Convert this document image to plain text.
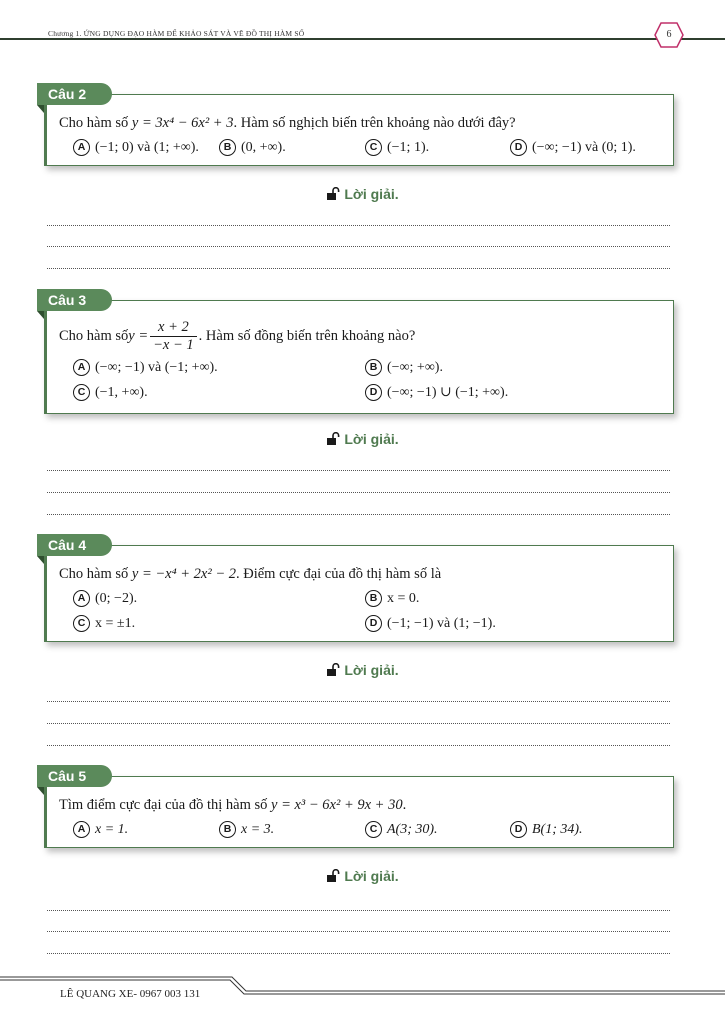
Chương 1. ỨNG DỤNG ĐẠO HÀM ĐỂ KHẢO SÁT VÀ VẼ ĐỒ THỊ HÀM SỐ	6
Cho hàm số y = 3x⁴ − 6x² + 3. Hàm số nghịch biến trên khoảng nào dưới đây?
A (−1; 0) và (1; +∞).	B (0, +∞).	C (−1; 1).	D (−∞; −1) và (0; 1).
Câu 2
Lời giải.
Cho hàm số $y = \frac{x + 2}{-x - 1}$ . Hàm số đồng biến trên khoảng nào?
A (−∞; −1) và (−1; +∞).	B (−∞; +∞).
C (−1, +∞).	D (−∞; −1) ∪ (−1; +∞).
Câu 3
Lời giải.
Cho hàm số y = −x⁴ + 2x² − 2. Điểm cực đại của đồ thị hàm số là
A (0; −2).	B x = 0.
C x = ±1.	D (−1; −1) và (1; −1).
Câu 4
Lời giải.
Tìm điểm cực đại của đồ thị hàm số y = x³ − 6x² + 9x + 30.
A x = 1.	B x = 3.	C A(3; 30).	D B(1; 34).
Câu 5
Lời giải.
LÊ QUANG XE- 0967 003 131
